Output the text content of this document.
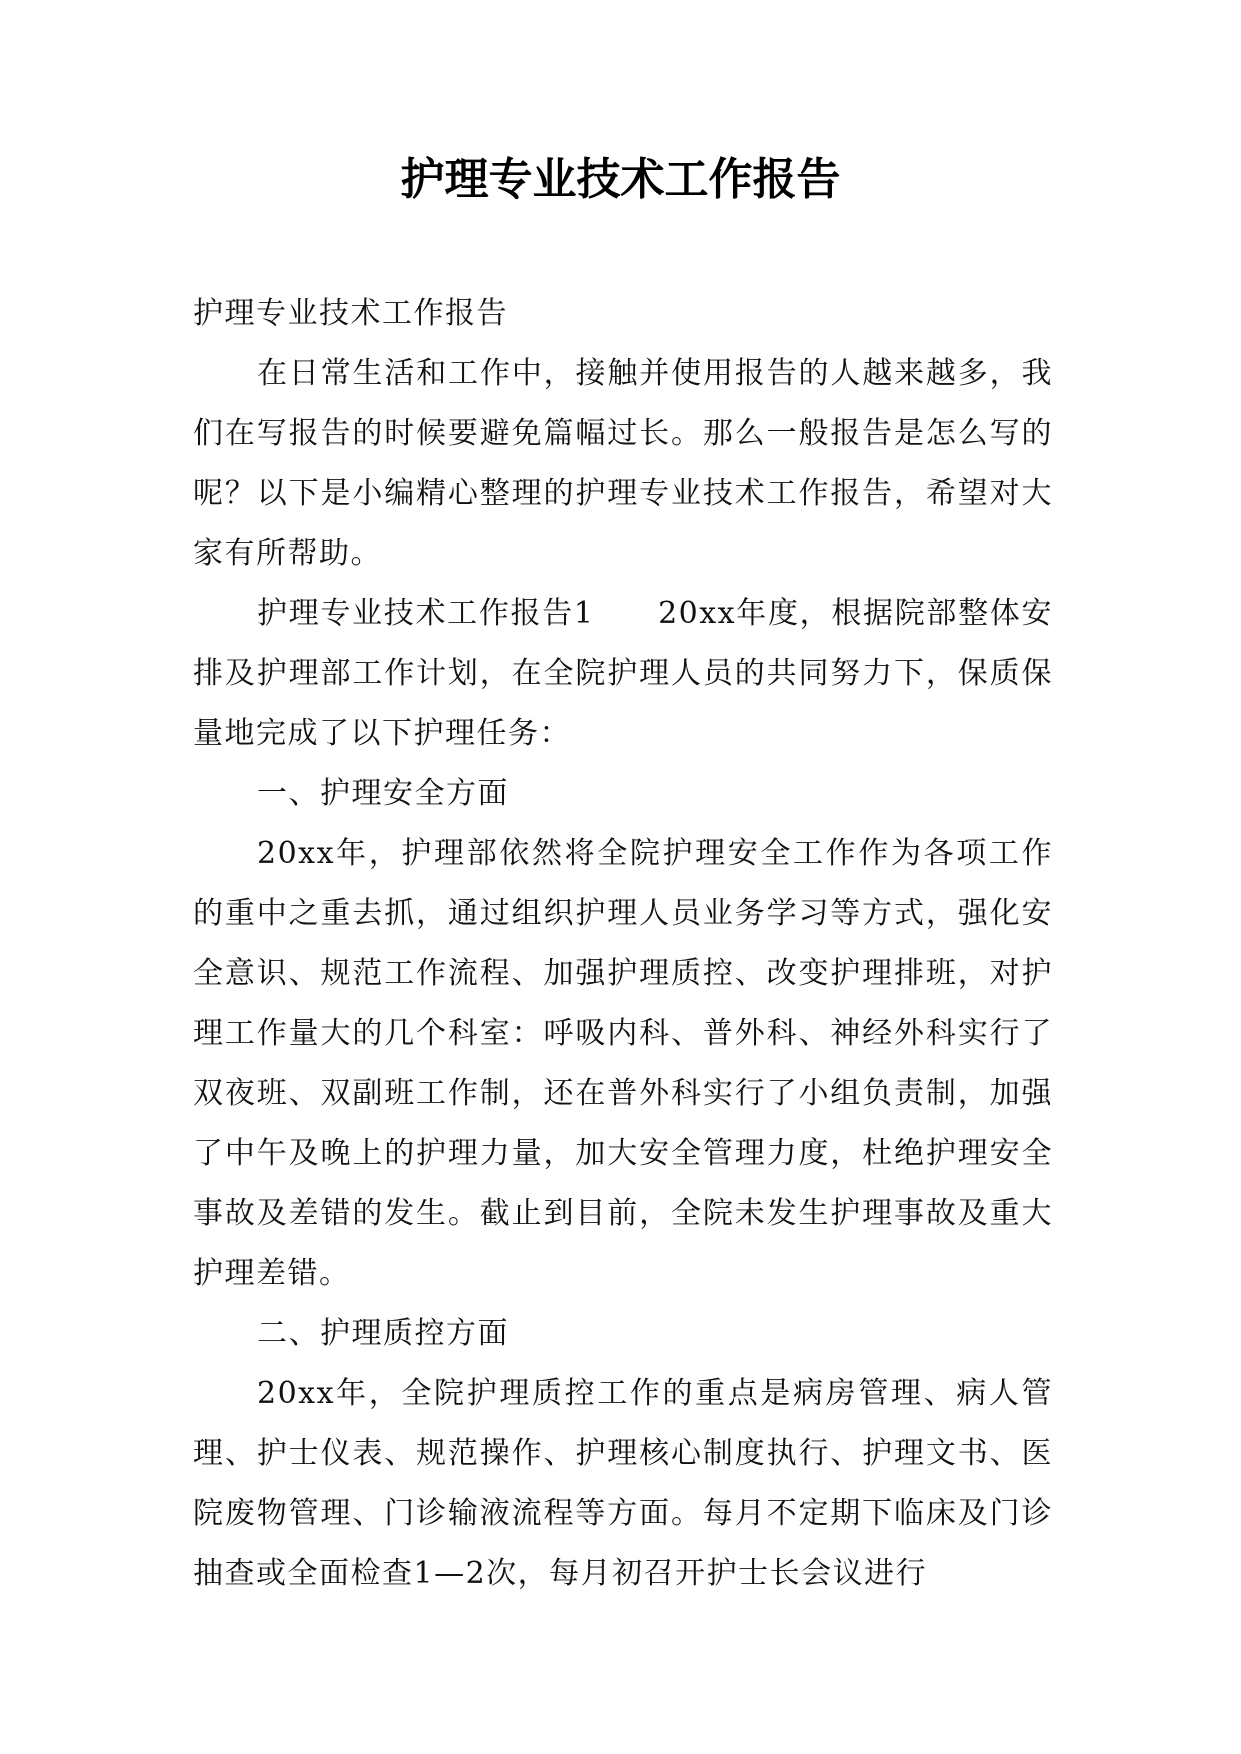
护理专业技术工作报告

护理专业技术工作报告

在日常生活和工作中，接触并使用报告的人越来越多，我们在写报告的时候要避免篇幅过长。那么一般报告是怎么写的呢？以下是小编精心整理的护理专业技术工作报告，希望对大家有所帮助。

护理专业技术工作报告1　　20xx年度，根据院部整体安排及护理部工作计划，在全院护理人员的共同努力下，保质保量地完成了以下护理任务：

一、护理安全方面

20xx年，护理部依然将全院护理安全工作作为各项工作的重中之重去抓，通过组织护理人员业务学习等方式，强化安全意识、规范工作流程、加强护理质控、改变护理排班，对护理工作量大的几个科室：呼吸内科、普外科、神经外科实行了双夜班、双副班工作制，还在普外科实行了小组负责制，加强了中午及晚上的护理力量，加大安全管理力度，杜绝护理安全事故及差错的发生。截止到目前，全院未发生护理事故及重大护理差错。

二、护理质控方面

20xx年，全院护理质控工作的重点是病房管理、病人管理、护士仪表、规范操作、护理核心制度执行、护理文书、医院废物管理、门诊输液流程等方面。每月不定期下临床及门诊抽查或全面检查1—2次，每月初召开护士长会议进行
